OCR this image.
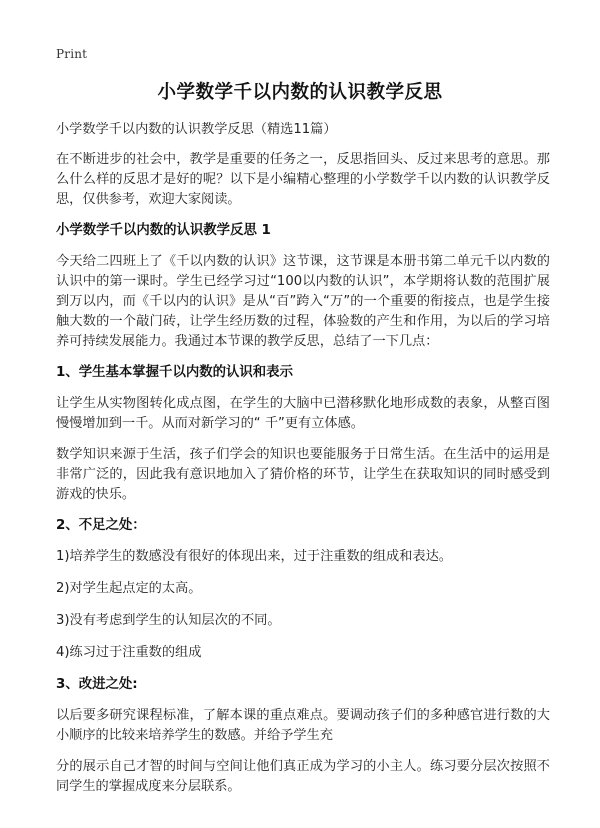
Print
小学数学千以内数的认识教学反思

小学数学千以内数的认识教学反思（精选11篇）

在不断进步的社会中，教学是重要的任务之一，反思指回头、反过来思考的意思。那么什么样的反思才是好的呢？以下是小编精心整理的小学数学千以内数的认识教学反思，仅供参考，欢迎大家阅读。

小学数学千以内数的认识教学反思 1

今天给二四班上了《千以内数的认识》这节课，这节课是本册书第二单元千以内数的认识中的第一课时。学生已经学习过“100以内数的认识”，本学期将认数的范围扩展到万以内，而《千以内的认识》是从“百”跨入“万”的一个重要的衔接点，也是学生接触大数的一个敲门砖，让学生经历数的过程，体验数的产生和作用，为以后的学习培养可持续发展能力。我通过本节课的教学反思，总结了一下几点：

1、学生基本掌握千以内数的认识和表示

让学生从实物图转化成点图，在学生的大脑中已潜移默化地形成数的表象，从整百图慢慢增加到一千。从而对新学习的“ 千”更有立体感。

数学知识来源于生活，孩子们学会的知识也要能服务于日常生活。在生活中的运用是非常广泛的，因此我有意识地加入了猜价格的环节，让学生在获取知识的同时感受到游戏的快乐。

2、不足之处：

1)培养学生的数感没有很好的体现出来，过于注重数的组成和表达。

2)对学生起点定的太高。

3)没有考虑到学生的认知层次的不同。

4)练习过于注重数的组成

3、改进之处:

以后要多研究课程标准，了解本课的重点难点。要调动孩子们的多种感官进行数的大小顺序的比较来培养学生的数感。并给予学生充

分的展示自己才智的时间与空间让他们真正成为学习的小主人。练习要分层次按照不同学生的掌握成度来分层联系。
